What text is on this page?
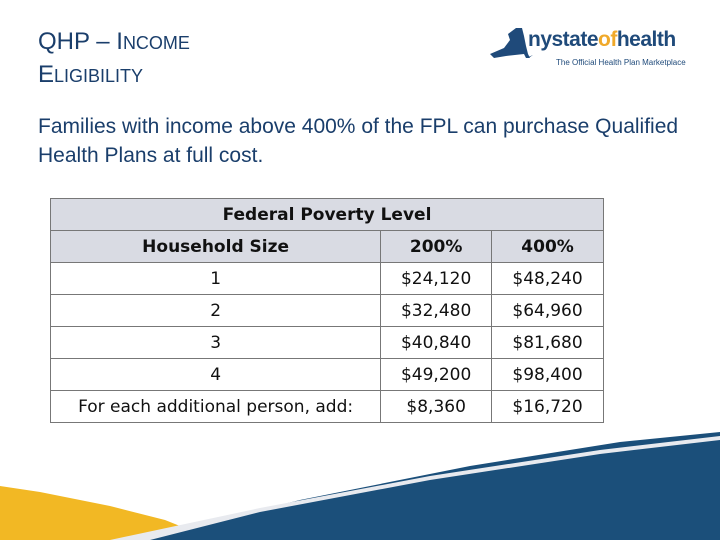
QHP – INCOME
ELIGIBILITY
nystateofhealth
The Official Health Plan Marketplace

Families with income above 400% of the FPL can purchase Qualified Health Plans at full cost.

Federal Poverty Level		
Household Size	200%	400%
1	$24,120	$48,240
2	$32,480	$64,960
3	$40,840	$81,680
4	$49,200	$98,400
For each additional person, add:	$8,360	$16,720
